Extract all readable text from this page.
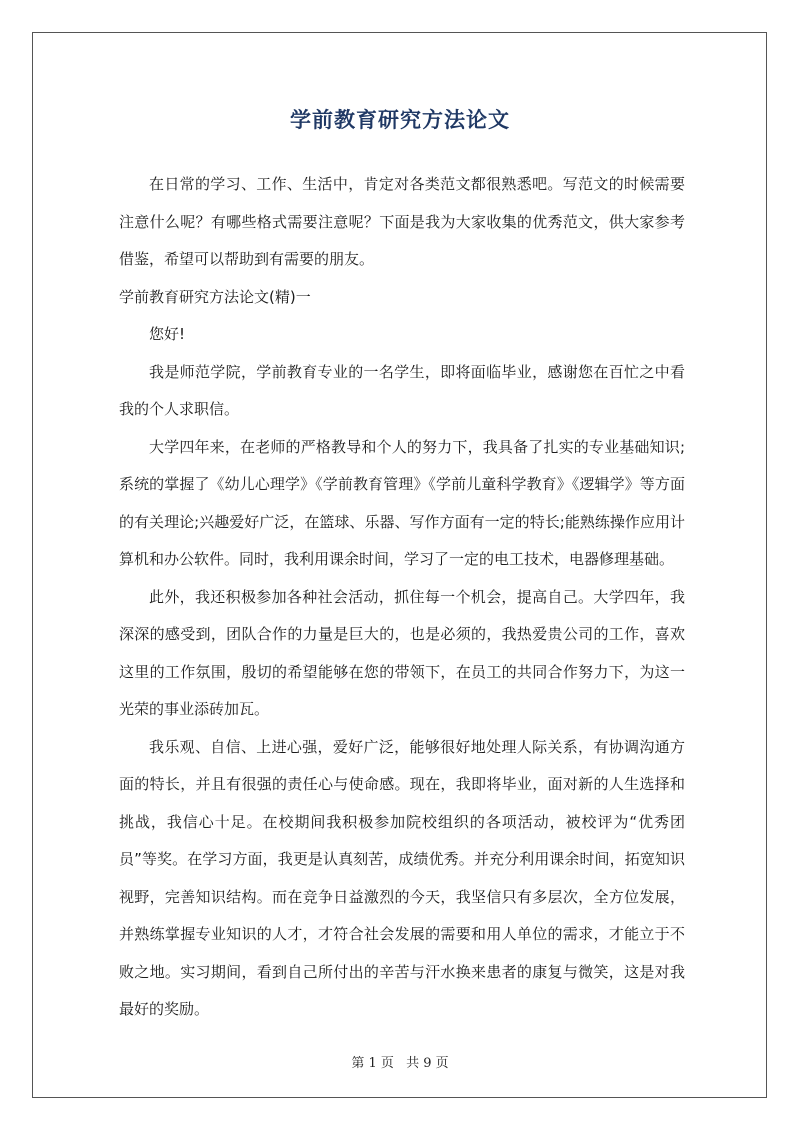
学前教育研究方法论文

在日常的学习、工作、生活中，肯定对各类范文都很熟悉吧。写范文的时候需要注意什么呢？有哪些格式需要注意呢？下面是我为大家收集的优秀范文，供大家参考借鉴，希望可以帮助到有需要的朋友。

学前教育研究方法论文(精)一

您好!

我是师范学院，学前教育专业的一名学生，即将面临毕业，感谢您在百忙之中看我的个人求职信。

大学四年来，在老师的严格教导和个人的努力下，我具备了扎实的专业基础知识;系统的掌握了《幼儿心理学》《学前教育管理》《学前儿童科学教育》《逻辑学》等方面的有关理论;兴趣爱好广泛，在篮球、乐器、写作方面有一定的特长;能熟练操作应用计算机和办公软件。同时，我利用课余时间，学习了一定的电工技术，电器修理基础。

此外，我还积极参加各种社会活动，抓住每一个机会，提高自己。大学四年，我深深的感受到，团队合作的力量是巨大的，也是必须的，我热爱贵公司的工作，喜欢这里的工作氛围，殷切的希望能够在您的带领下，在员工的共同合作努力下，为这一光荣的事业添砖加瓦。

我乐观、自信、上进心强，爱好广泛，能够很好地处理人际关系，有协调沟通方面的特长，并且有很强的责任心与使命感。现在，我即将毕业，面对新的人生选择和挑战，我信心十足。在校期间我积极参加院校组织的各项活动，被校评为“优秀团员”等奖。在学习方面，我更是认真刻苦，成绩优秀。并充分利用课余时间，拓宽知识视野，完善知识结构。而在竞争日益激烈的今天，我坚信只有多层次，全方位发展，并熟练掌握专业知识的人才，才符合社会发展的需要和用人单位的需求，才能立于不败之地。实习期间，看到自己所付出的辛苦与汗水换来患者的康复与微笑，这是对我最好的奖励。

第 1 页 共 9 页
